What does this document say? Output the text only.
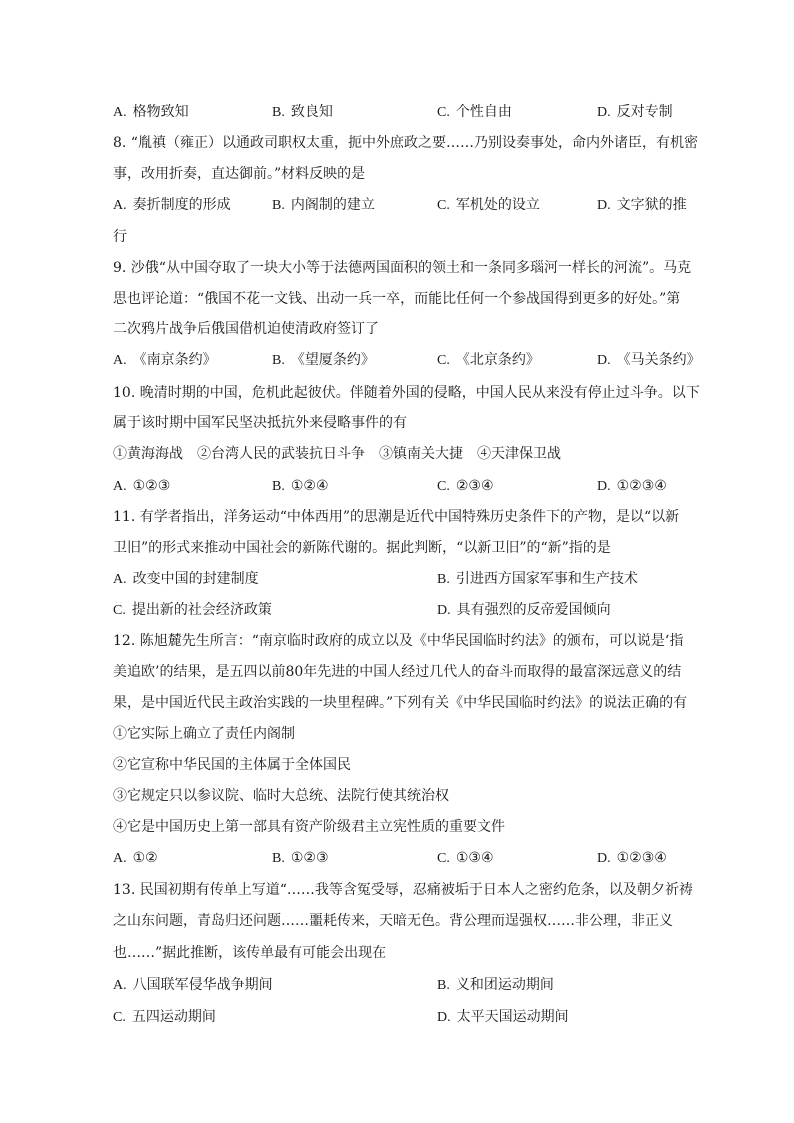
A. 格物致知	B. 致良知	C. 个性自由	D. 反对专制
8. “胤禛（雍正）以通政司职权太重，扼中外庶政之要……乃别设奏事处，命内外诸臣，有机密
事，改用折奏，直达御前。”材料反映的是
A. 奏折制度的形成	B. 内阁制的建立	C. 军机处的设立	D. 文字狱的推
行
9. 沙俄“从中国夺取了一块大小等于法德两国面积的领土和一条同多瑙河一样长的河流”。马克
思也评论道：“俄国不花一文钱、出动一兵一卒，而能比任何一个参战国得到更多的好处。”第
二次鸦片战争后俄国借机迫使清政府签订了
A. 《南京条约》	B. 《望厦条约》	C. 《北京条约》	D. 《马关条约》
10. 晚清时期的中国，危机此起彼伏。伴随着外国的侵略，中国人民从来没有停止过斗争。以下
属于该时期中国军民坚决抵抗外来侵略事件的有
①黄海海战　②台湾人民的武装抗日斗争　③镇南关大捷　④天津保卫战
A. ①②③	B. ①②④	C. ②③④	D. ①②③④
11. 有学者指出，洋务运动“中体西用”的思潮是近代中国特殊历史条件下的产物，是以“以新
卫旧”的形式来推动中国社会的新陈代谢的。据此判断，“以新卫旧”的“新”指的是
A. 改变中国的封建制度	B. 引进西方国家军事和生产技术
C. 提出新的社会经济政策	D. 具有强烈的反帝爱国倾向
12. 陈旭麓先生所言：“南京临时政府的成立以及《中华民国临时约法》的颁布，可以说是‘指
美追欧’的结果，是五四以前80年先进的中国人经过几代人的奋斗而取得的最富深远意义的结
果，是中国近代民主政治实践的一块里程碑。”下列有关《中华民国临时约法》的说法正确的有
①它实际上确立了责任内阁制
②它宣称中华民国的主体属于全体国民
③它规定只以参议院、临时大总统、法院行使其统治权
④它是中国历史上第一部具有资产阶级君主立宪性质的重要文件
A. ①②	B. ①②③	C. ①③④	D. ①②③④
13. 民国初期有传单上写道“……我等含冤受辱，忍痛被垢于日本人之密约危条，以及朝夕祈祷
之山东问题，青岛归还问题……噩耗传来，天暗无色。背公理而逞强权……非公理，非正义
也……”据此推断，该传单最有可能会出现在
A. 八国联军侵华战争期间	B. 义和团运动期间
C. 五四运动期间	D. 太平天国运动期间
